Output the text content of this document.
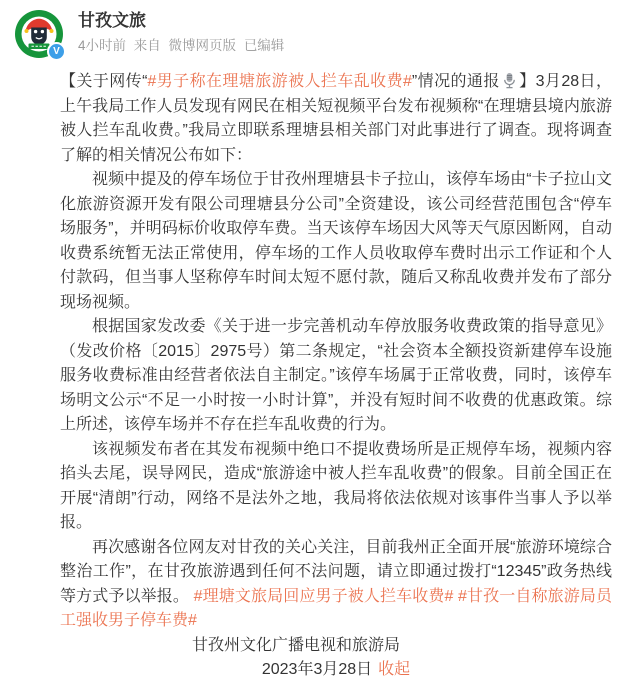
V
甘孜文旅
4小时前 来自 微博网页版 已编辑

【关于网传“#男子称在理塘旅游被人拦车乱收费#”情况的通报 】3月28日，上午我局工作人员发现有网民在相关短视频平台发布视频称“在理塘县境内旅游被人拦车乱收费。”我局立即联系理塘县相关部门对此事进行了调查。现将调查了解的相关情况公布如下：

视频中提及的停车场位于甘孜州理塘县卡子拉山，该停车场由“卡子拉山文化旅游资源开发有限公司理塘县分公司”全资建设，该公司经营范围包含“停车场服务”，并明码标价收取停车费。当天该停车场因大风等天气原因断网，自动收费系统暂无法正常使用，停车场的工作人员收取停车费时出示工作证和个人付款码，但当事人坚称停车时间太短不愿付款，随后又称乱收费并发布了部分现场视频。

根据国家发改委《关于进一步完善机动车停放服务收费政策的指导意见》（发改价格〔2015〕2975号）第二条规定，“社会资本全额投资新建停车设施服务收费标准由经营者依法自主制定。”该停车场属于正常收费，同时，该停车场明文公示“不足一小时按一小时计算”，并没有短时间不收费的优惠政策。综上所述，该停车场并不存在拦车乱收费的行为。

该视频发布者在其发布视频中绝口不提收费场所是正规停车场，视频内容掐头去尾，误导网民，造成“旅游途中被人拦车乱收费”的假象。目前全国正在开展“清朗”行动，网络不是法外之地，我局将依法依规对该事件当事人予以举报。

再次感谢各位网友对甘孜的关心关注，目前我州正全面开展“旅游环境综合整治工作”，在甘孜旅游遇到任何不法问题，请立即通过拨打“12345”政务热线等方式予以举报。 #理塘文旅局回应男子被人拦车收费# #甘孜一自称旅游局员工强收男子停车费#

甘孜州文化广播电视和旅游局
2023年3月28日 收起
